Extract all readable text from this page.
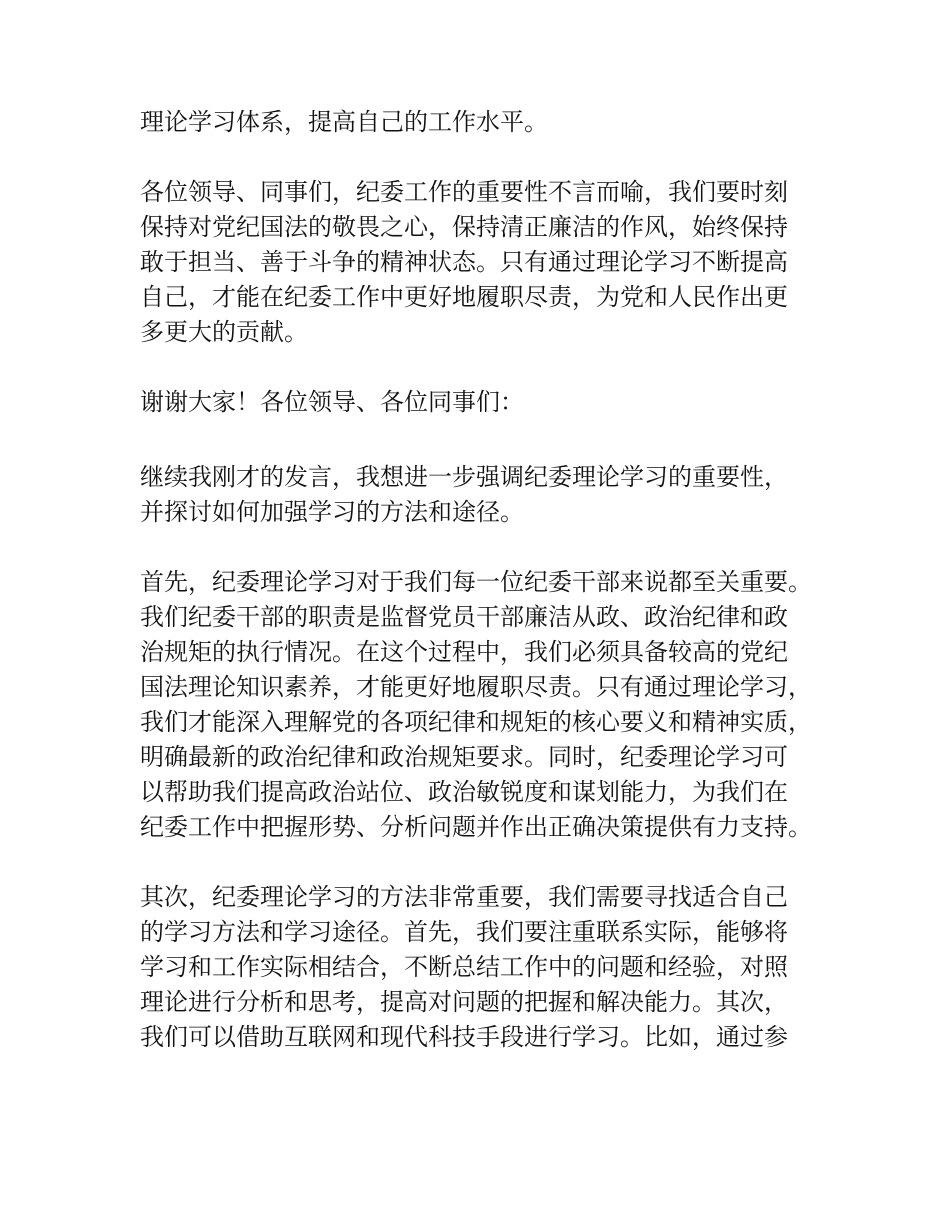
理论学习体系，提高自己的工作水平。
各位领导、同事们，纪委工作的重要性不言而喻，我们要时刻
保持对党纪国法的敬畏之心，保持清正廉洁的作风，始终保持
敢于担当、善于斗争的精神状态。只有通过理论学习不断提高
自己，才能在纪委工作中更好地履职尽责，为党和人民作出更
多更大的贡献。
谢谢大家！各位领导、各位同事们：
继续我刚才的发言，我想进一步强调纪委理论学习的重要性，
并探讨如何加强学习的方法和途径。
首先，纪委理论学习对于我们每一位纪委干部来说都至关重要。
我们纪委干部的职责是监督党员干部廉洁从政、政治纪律和政
治规矩的执行情况。在这个过程中，我们必须具备较高的党纪
国法理论知识素养，才能更好地履职尽责。只有通过理论学习，
我们才能深入理解党的各项纪律和规矩的核心要义和精神实质，
明确最新的政治纪律和政治规矩要求。同时，纪委理论学习可
以帮助我们提高政治站位、政治敏锐度和谋划能力，为我们在
纪委工作中把握形势、分析问题并作出正确决策提供有力支持。
其次，纪委理论学习的方法非常重要，我们需要寻找适合自己
的学习方法和学习途径。首先，我们要注重联系实际，能够将
学习和工作实际相结合，不断总结工作中的问题和经验，对照
理论进行分析和思考，提高对问题的把握和解决能力。其次，
我们可以借助互联网和现代科技手段进行学习。比如，通过参
